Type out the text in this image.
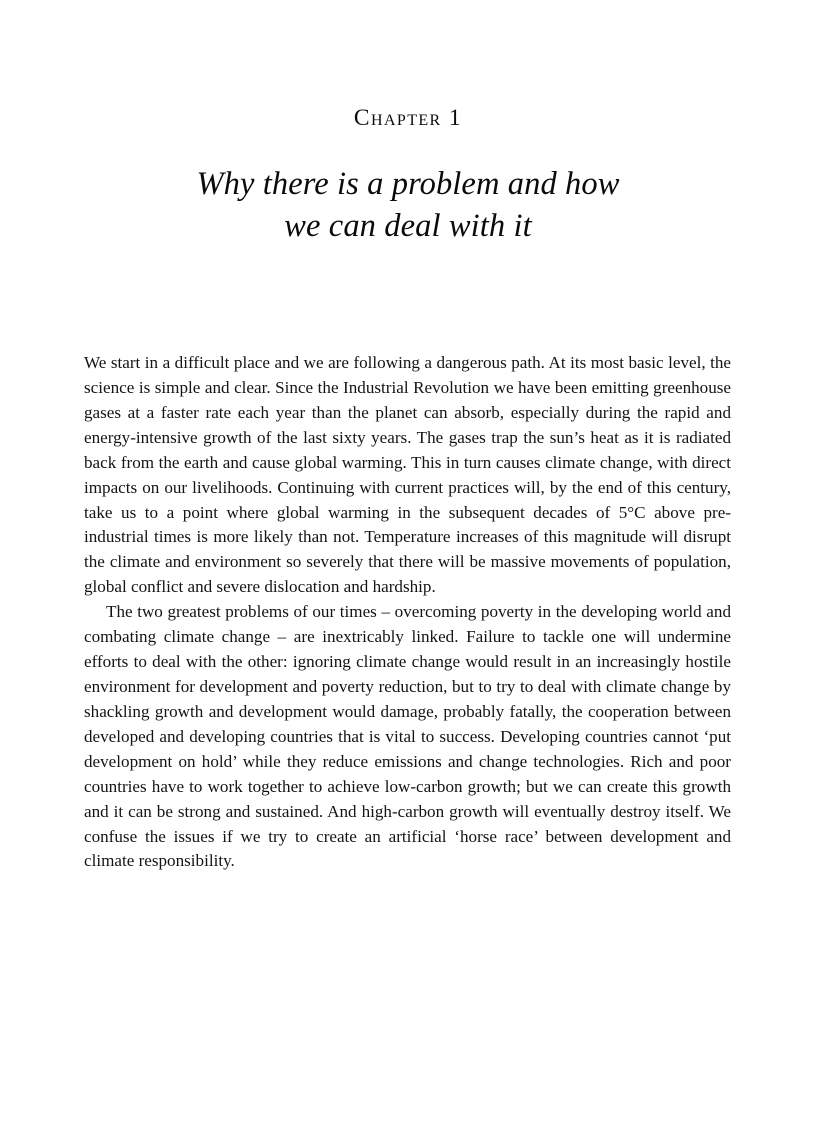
Chapter 1
Why there is a problem and how
we can deal with it

We start in a difficult place and we are following a dangerous path. At its most basic level, the science is simple and clear. Since the Industrial Revolution we have been emitting greenhouse gases at a faster rate each year than the planet can absorb, especially during the rapid and energy-intensive growth of the last sixty years. The gases trap the sun’s heat as it is radiated back from the earth and cause global warming. This in turn causes climate change, with direct impacts on our livelihoods. Continuing with current practices will, by the end of this century, take us to a point where global warming in the subsequent decades of 5°C above pre-industrial times is more likely than not. Temperature increases of this magnitude will disrupt the climate and environment so severely that there will be massive movements of population, global conflict and severe dislocation and hardship.

The two greatest problems of our times – overcoming poverty in the developing world and combating climate change – are inextricably linked. Failure to tackle one will undermine efforts to deal with the other: ignoring climate change would result in an increasingly hostile environment for development and poverty reduction, but to try to deal with climate change by shackling growth and development would damage, probably fatally, the cooperation between developed and developing countries that is vital to success. Developing countries cannot ‘put development on hold’ while they reduce emissions and change technologies. Rich and poor countries have to work together to achieve low-carbon growth; but we can create this growth and it can be strong and sustained. And high-carbon growth will eventually destroy itself. We confuse the issues if we try to create an artificial ‘horse race’ between development and climate responsibility.
